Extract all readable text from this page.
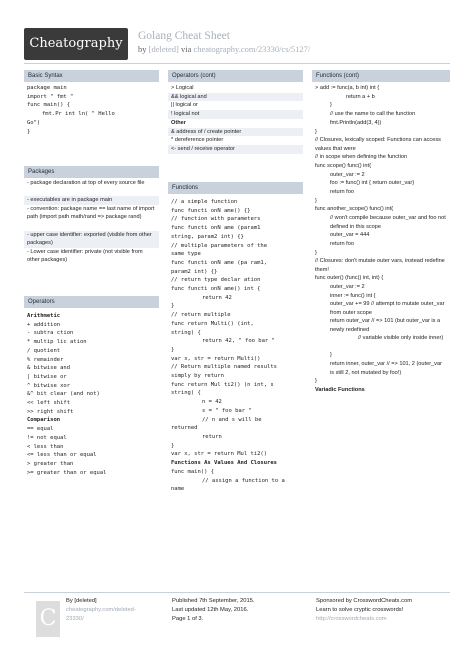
Cheatography	Golang Cheat Sheet
by [deleted] via cheatography.com/23330/cs/5127/
Basic Syntax
package main
import " fmt "
func main() {
fmt.Pr int ln( " Hello
Go")
}
Packages
- package declaration at top of every source file
- executables are in package main
- convention: package name == last name of import path (import path math/rand => package rand)
- upper case identifier: exported (visible from other packages)
- Lower case identifier: private (not visible from other packages)
Operators
Arithmetic
+ addition
- subtra ction
* multip lic ation
/ quotient
% remainder
& bitwise and
| bitwise or
^ bitwise xor
&^ bit clear (and not)
<< left shift
>> right shift
Comparison
== equal
!= not equal
< less than
<= less than or equal
> greater than
>= greater than or equal
Operators (cont)
> Logical
&& logical and
|| logical or
! logical not
Other
& address of / create pointer
* dereference pointer
<- send / receive operator
Functions
// a simple function
func functi onN ame() {}
// function with parameters
func functi onN ame (param1
string, param2 int) {}
// multiple parameters of the
same type
func functi onN ame (pa ram1,
param2 int) {}
// return type declar ation
func functi onN ame() int {
return 42
}
// return multiple
func return Multi() (int,
string) {
return 42, " foo bar "
}
var x, str = return Multi()
// Return multiple named results
simply by return
func return Mul ti2() (n int, s
string) {
n = 42
s = " foo bar "
// n and s will be
returned
return
}
var x, str = return Mul ti2()
Functions As Values And Closures
func main() {
// assign a function to a
name
Functions (cont)
> add := func(a, b int) int {
return a + b
}
// use the name to call the function
fmt.Println(add(3, 4))
}
// Closures, lexically scoped: Functions can access values that were
// in scope when defining the function
func scope() func() int{
outer_var := 2
foo := func() int { return outer_var}
return foo
}
func another_scope() func() int{
// won't compile because outer_var and foo not defined in this scope
outer_var = 444
return foo
}
// Closures: don't mutate outer vars, instead redefine them!
func outer() (func() int, int) {
outer_var := 2
inner := func() int {
outer_var += 99 // attempt to mutate outer_var from outer scope
return outer_var // => 101 (but outer_var is a newly redefined
// variable visible only inside inner)
}
return inner, outer_var // => 101, 2 (outer_var is still 2, not mutated by foo!)
}
Variadic Functions
C
By [deleted]
cheatography.com/deleted-23330/
Published 7th September, 2015.
Last updated 12th May, 2016.
Page 1 of 3.
Sponsored by CrosswordCheats.com
Learn to solve cryptic crosswords!
http://crosswordcheats.com
